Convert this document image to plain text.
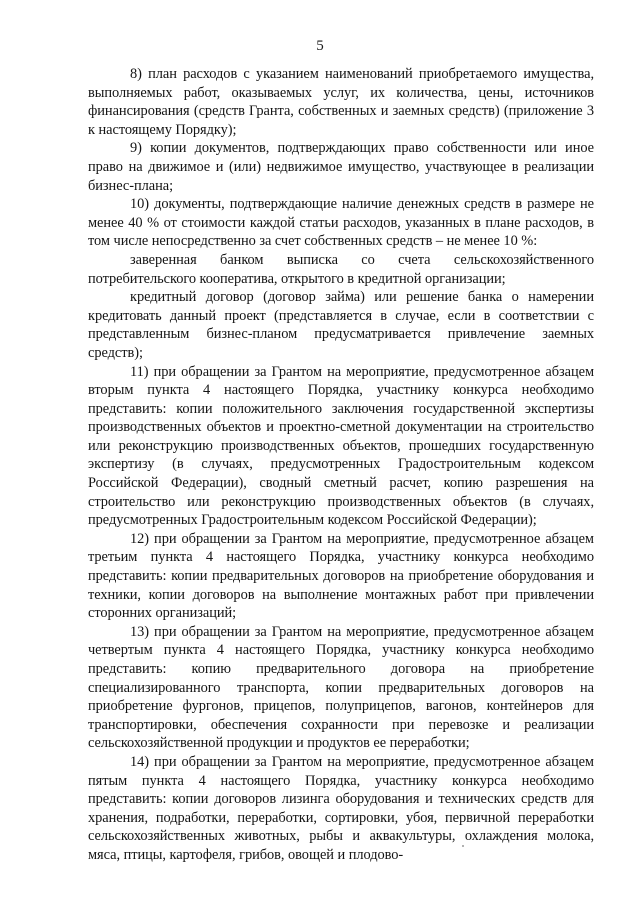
5

8) план расходов с указанием наименований приобретаемого имущества, выполняемых работ, оказываемых услуг, их количества, цены, источников финансирования (средств Гранта, собственных и заемных средств) (приложение 3 к настоящему Порядку);

9) копии документов, подтверждающих право собственности или иное право на движимое и (или) недвижимое имущество, участвующее в реализации бизнес-плана;

10) документы, подтверждающие наличие денежных средств в размере не менее 40 % от стоимости каждой статьи расходов, указанных в плане расходов, в том числе непосредственно за счет собственных средств – не менее 10 %:

заверенная банком выписка со счета сельскохозяйственного потребительского кооператива, открытого в кредитной организации;

кредитный договор (договор займа) или решение банка о намерении кредитовать данный проект (представляется в случае, если в соответствии с представленным бизнес-планом предусматривается привлечение заемных средств);

11) при обращении за Грантом на мероприятие, предусмотренное абзацем вторым пункта 4 настоящего Порядка, участнику конкурса необходимо представить: копии положительного заключения государственной экспертизы производственных объектов и проектно-сметной документации на строительство или реконструкцию производственных объектов, прошедших государственную экспертизу (в случаях, предусмотренных Градостроительным кодексом Российской Федерации), сводный сметный расчет, копию разрешения на строительство или реконструкцию производственных объектов (в случаях, предусмотренных Градостроительным кодексом Российской Федерации);

12) при обращении за Грантом на мероприятие, предусмотренное абзацем третьим пункта 4 настоящего Порядка, участнику конкурса необходимо представить: копии предварительных договоров на приобретение оборудования и техники, копии договоров на выполнение монтажных работ при привлечении сторонних организаций;

13) при обращении за Грантом на мероприятие, предусмотренное абзацем четвертым пункта 4 настоящего Порядка, участнику конкурса необходимо представить: копию предварительного договора на приобретение специализированного транспорта, копии предварительных договоров на приобретение фургонов, прицепов, полуприцепов, вагонов, контейнеров для транспортировки, обеспечения сохранности при перевозке и реализации сельскохозяйственной продукции и продуктов ее переработки;

14) при обращении за Грантом на мероприятие, предусмотренное абзацем пятым пункта 4 настоящего Порядка, участнику конкурса необходимо представить: копии договоров лизинга оборудования и технических средств для хранения, подработки, переработки, сортировки, убоя, первичной переработки сельскохозяйственных животных, рыбы и аквакультуры, охлаждения молока, мяса, птицы, картофеля, грибов, овощей и плодово-
